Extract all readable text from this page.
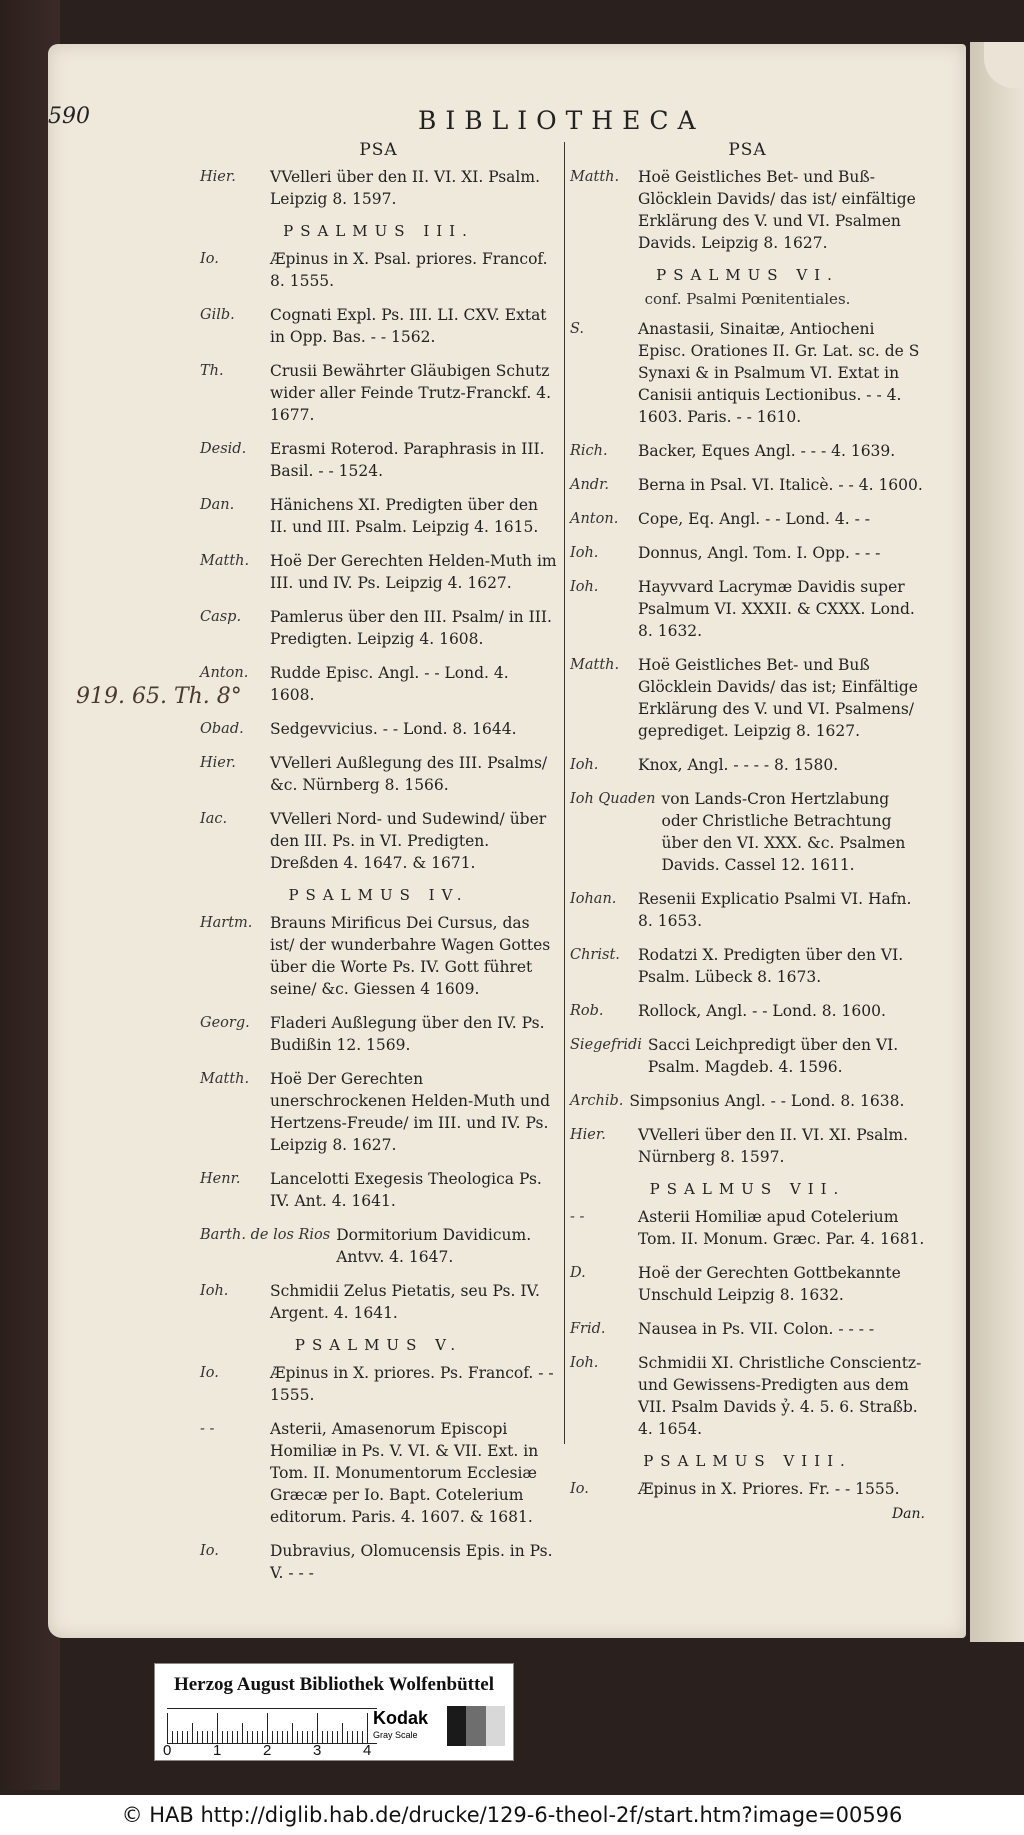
590	BIBLIOTHECA
919. 65. Th. 8°
PSA
Hier.	VVelleri über den II. VI. XI. Psalm. Leipzig 8. 1597.
PSALMUS III.
Io.	Æpinus in X. Psal. priores. Francof. 8. 1555.
Gilb.	Cognati Expl. Ps. III. LI. CXV. Extat in Opp. Bas. - - 1562.
Th.	Crusii Bewährter Gläubigen Schutz wider aller Feinde Trutz-Franckf. 4. 1677.
Desid.	Erasmi Roterod. Paraphrasis in III. Basil. - - 1524.
Dan.	Hänichens XI. Predigten über den II. und III. Psalm. Leipzig 4. 1615.
Matth.	Hoë Der Gerechten Helden-Muth im III. und IV. Ps. Leipzig 4. 1627.
Casp.	Pamlerus über den III. Psalm/ in III. Predigten. Leipzig 4. 1608.
Anton.	Rudde Episc. Angl. - - Lond. 4. 1608.
Obad.	Sedgevvicius. - - Lond. 8. 1644.
Hier.	VVelleri Außlegung des III. Psalms/ &c. Nürnberg 8. 1566.
Iac.	VVelleri Nord- und Sudewind/ über den III. Ps. in VI. Predigten. Dreßden 4. 1647. & 1671.
PSALMUS IV.
Hartm.	Brauns Mirificus Dei Cursus, das ist/ der wunderbahre Wagen Gottes über die Worte Ps. IV. Gott führet seine/ &c. Giessen 4 1609.
Georg.	Fladeri Außlegung über den IV. Ps. Budißin 12. 1569.
Matth.	Hoë Der Gerechten unerschrockenen Helden-Muth und Hertzens-Freude/ im III. und IV. Ps. Leipzig 8. 1627.
Henr.	Lancelotti Exegesis Theologica Ps. IV. Ant. 4. 1641.
Barth. de los Rios Dormitorium Davidicum. Antvv. 4. 1647.
Ioh.	Schmidii Zelus Pietatis, seu Ps. IV. Argent. 4. 1641.
PSALMUS V.
Io.	Æpinus in X. priores. Ps. Francof. - - 1555.
- -	Asterii, Amasenorum Episcopi Homiliæ in Ps. V. VI. & VII. Ext. in Tom. II. Monumentorum Ecclesiæ Græcæ per Io. Bapt. Cotelerium editorum. Paris. 4. 1607. & 1681.
Io.	Dubravius, Olomucensis Epis. in Ps. V. - - -
PSA
Matth.	Hoë Geistliches Bet- und Buß-Glöcklein Davids/ das ist/ einfältige Erklärung des V. und VI. Psalmen Davids. Leipzig 8. 1627.
PSALMUS VI.
conf. Psalmi Pœnitentiales.
S.	Anastasii, Sinaitæ, Antiocheni Episc. Orationes II. Gr. Lat. sc. de S Synaxi & in Psalmum VI. Extat in Canisii antiquis Lectionibus. - - 4. 1603. Paris. - - 1610.
Rich.	Backer, Eques Angl. - - - 4. 1639.
Andr.	Berna in Psal. VI. Italicè. - - 4. 1600.
Anton.	Cope, Eq. Angl. - - Lond. 4. - -
Ioh.	Donnus, Angl. Tom. I. Opp. - - -
Ioh.	Hayvvard Lacrymæ Davidis super Psalmum VI. XXXII. & CXXX. Lond. 8. 1632.
Matth.	Hoë Geistliches Bet- und Buß Glöcklein Davids/ das ist; Einfältige Erklärung des V. und VI. Psalmens/ geprediget. Leipzig 8. 1627.
Ioh.	Knox, Angl. - - - - 8. 1580.
Ioh Quaden von Lands-Cron Hertzlabung oder Christliche Betrachtung über den VI. XXX. &c. Psalmen Davids. Cassel 12. 1611.
Iohan.	Resenii Explicatio Psalmi VI. Hafn. 8. 1653.
Christ.	Rodatzi X. Predigten über den VI. Psalm. Lübeck 8. 1673.
Rob.	Rollock, Angl. - - Lond. 8. 1600.
Siegefridi Sacci Leichpredigt über den VI. Psalm. Magdeb. 4. 1596.
Archib. Simpsonius Angl. - - Lond. 8. 1638.
Hier.	VVelleri über den II. VI. XI. Psalm. Nürnberg 8. 1597.
PSALMUS VII.
- -	Asterii Homiliæ apud Cotelerium Tom. II. Monum. Græc. Par. 4. 1681.
D.	Hoë der Gerechten Gottbekannte Unschuld Leipzig 8. 1632.
Frid.	Nausea in Ps. VII. Colon. - - - -
Ioh.	Schmidii XI. Christliche Conscientz- und Gewissens-Predigten aus dem VII. Psalm Davids ỷ. 4. 5. 6. Straßb. 4. 1654.
PSALMUS VIII.
Io.	Æpinus in X. Priores. Fr. - - 1555.
Dan.
Herzog August Bibliothek Wolfenbüttel
0	1	2	3	4
Kodak
Gray Scale
© HAB http://diglib.hab.de/drucke/129-6-theol-2f/start.htm?image=00596
